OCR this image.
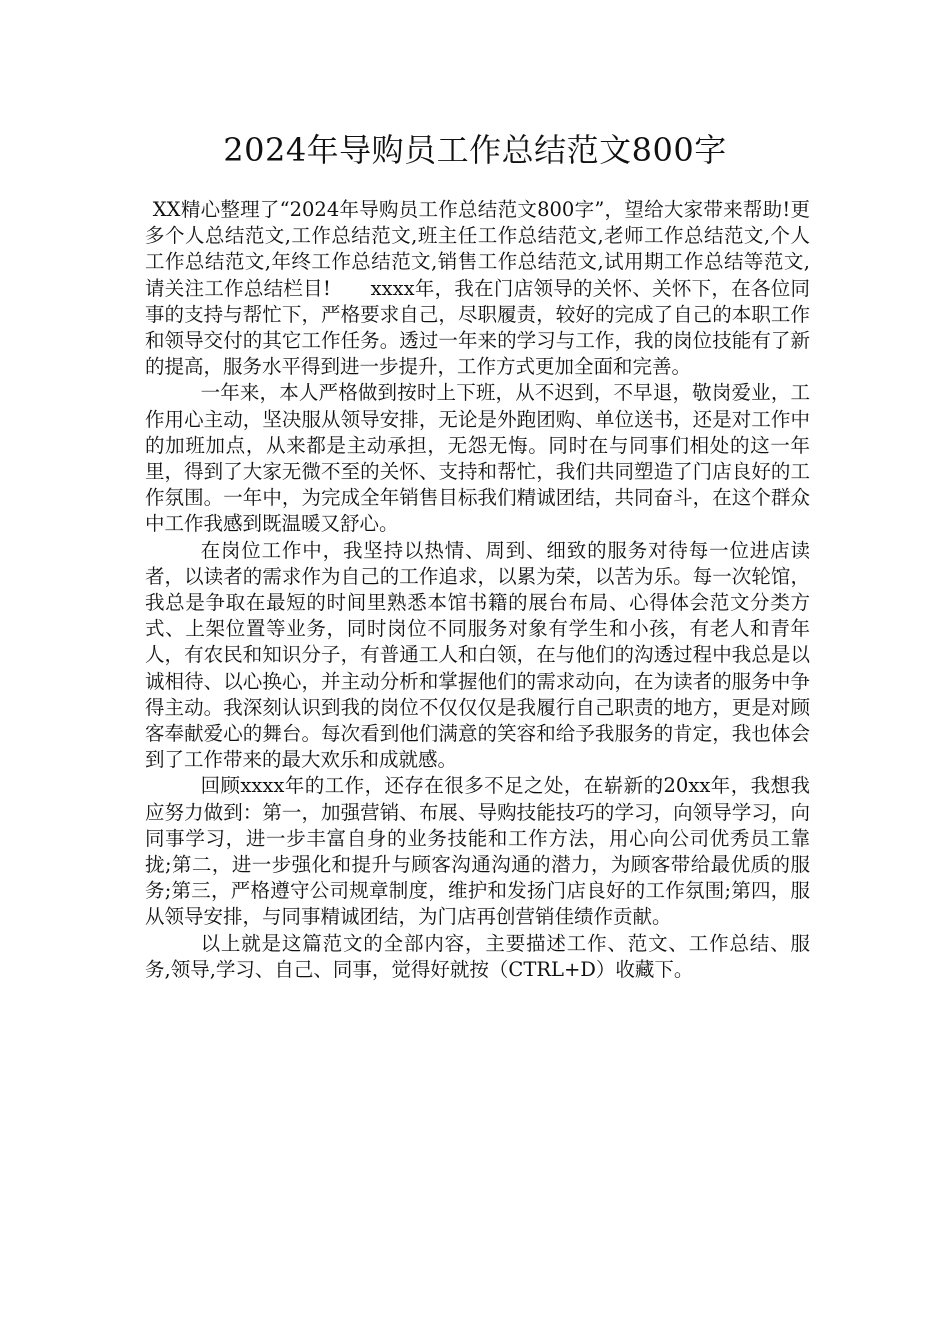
2024年导购员工作总结范文800字

XX精心整理了“2024年导购员工作总结范文800字”，望给大家带来帮助!更多个人总结范文,工作总结范文,班主任工作总结范文,老师工作总结范文,个人工作总结范文,年终工作总结范文,销售工作总结范文,试用期工作总结等范文,请关注工作总结栏目!　　xxxx年，我在门店领导的关怀、关怀下，在各位同事的支持与帮忙下，严格要求自己，尽职履责，较好的完成了自己的本职工作和领导交付的其它工作任务。透过一年来的学习与工作，我的岗位技能有了新的提高，服务水平得到进一步提升，工作方式更加全面和完善。

一年来，本人严格做到按时上下班，从不迟到，不早退，敬岗爱业，工作用心主动，坚决服从领导安排，无论是外跑团购、单位送书，还是对工作中的加班加点，从来都是主动承担，无怨无悔。同时在与同事们相处的这一年里，得到了大家无微不至的关怀、支持和帮忙，我们共同塑造了门店良好的工作氛围。一年中，为完成全年销售目标我们精诚团结，共同奋斗，在这个群众中工作我感到既温暖又舒心。

在岗位工作中，我坚持以热情、周到、细致的服务对待每一位进店读者，以读者的需求作为自己的工作追求，以累为荣，以苦为乐。每一次轮馆，我总是争取在最短的时间里熟悉本馆书籍的展台布局、心得体会范文分类方式、上架位置等业务，同时岗位不同服务对象有学生和小孩，有老人和青年人，有农民和知识分子，有普通工人和白领，在与他们的沟透过程中我总是以诚相待、以心换心，并主动分析和掌握他们的需求动向，在为读者的服务中争得主动。我深刻认识到我的岗位不仅仅仅是我履行自己职责的地方，更是对顾客奉献爱心的舞台。每次看到他们满意的笑容和给予我服务的肯定，我也体会到了工作带来的最大欢乐和成就感。

回顾xxxx年的工作，还存在很多不足之处，在崭新的20xx年，我想我应努力做到：第一，加强营销、布展、导购技能技巧的学习，向领导学习，向同事学习，进一步丰富自身的业务技能和工作方法，用心向公司优秀员工靠拢;第二，进一步强化和提升与顾客沟通沟通的潜力，为顾客带给最优质的服务;第三，严格遵守公司规章制度，维护和发扬门店良好的工作氛围;第四，服从领导安排，与同事精诚团结，为门店再创营销佳绩作贡献。

以上就是这篇范文的全部内容，主要描述工作、范文、工作总结、服务,领导,学习、自己、同事，觉得好就按（CTRL+D）收藏下。
